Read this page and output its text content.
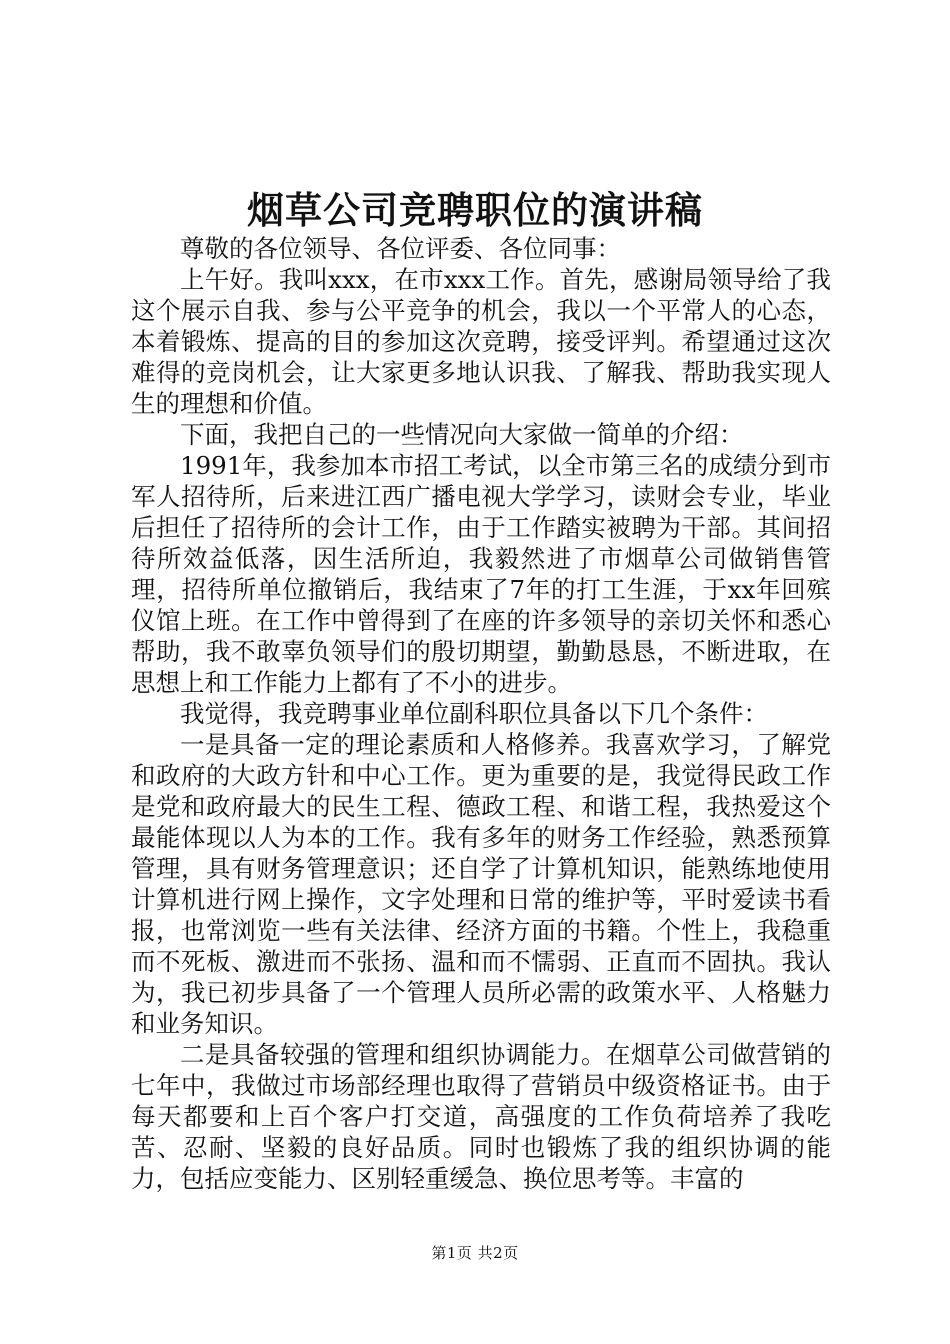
烟草公司竞聘职位的演讲稿

尊敬的各位领导、各位评委、各位同事：

上午好。我叫xxx，在市xxx工作。首先，感谢局领导给了我这个展示自我、参与公平竞争的机会，我以一个平常人的心态，本着锻炼、提高的目的参加这次竞聘，接受评判。希望通过这次难得的竞岗机会，让大家更多地认识我、了解我、帮助我实现人生的理想和价值。

下面，我把自己的一些情况向大家做一简单的介绍：

1991年，我参加本市招工考试，以全市第三名的成绩分到市军人招待所，后来进江西广播电视大学学习，读财会专业，毕业后担任了招待所的会计工作，由于工作踏实被聘为干部。其间招待所效益低落，因生活所迫，我毅然进了市烟草公司做销售管理，招待所单位撤销后，我结束了7年的打工生涯，于xx年回殡仪馆上班。在工作中曾得到了在座的许多领导的亲切关怀和悉心帮助，我不敢辜负领导们的殷切期望，勤勤恳恳，不断进取，在思想上和工作能力上都有了不小的进步。

我觉得，我竞聘事业单位副科职位具备以下几个条件：

一是具备一定的理论素质和人格修养。我喜欢学习，了解党和政府的大政方针和中心工作。更为重要的是，我觉得民政工作是党和政府最大的民生工程、德政工程、和谐工程，我热爱这个最能体现以人为本的工作。我有多年的财务工作经验，熟悉预算管理，具有财务管理意识；还自学了计算机知识，能熟练地使用计算机进行网上操作，文字处理和日常的维护等，平时爱读书看报，也常浏览一些有关法律、经济方面的书籍。个性上，我稳重而不死板、激进而不张扬、温和而不懦弱、正直而不固执。我认为，我已初步具备了一个管理人员所必需的政策水平、人格魅力和业务知识。

二是具备较强的管理和组织协调能力。在烟草公司做营销的七年中，我做过市场部经理也取得了营销员中级资格证书。由于每天都要和上百个客户打交道，高强度的工作负荷培养了我吃苦、忍耐、坚毅的良好品质。同时也锻炼了我的组织协调的能力，包括应变能力、区别轻重缓急、换位思考等。丰富的

第1页 共2页
